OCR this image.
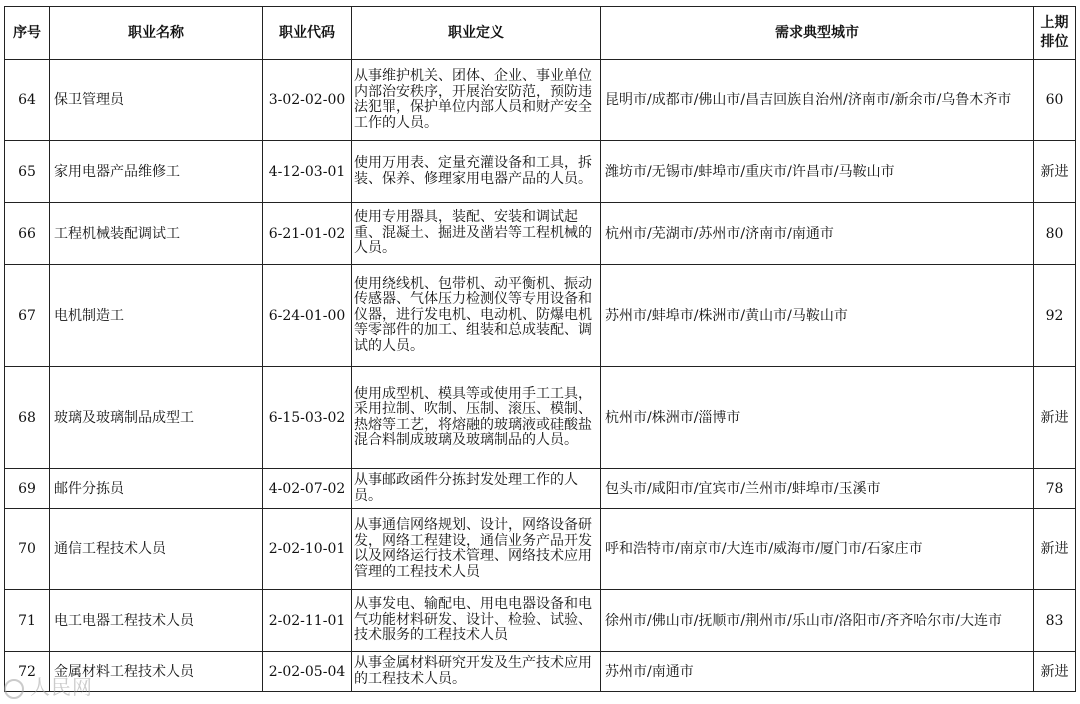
序号	职业名称	职业代码	职业定义	需求典型城市	上期排位
64	保卫管理员	3-02-02-00	从事维护机关、团体、企业、事业单位内部治安秩序，开展治安防范，预防违法犯罪，保护单位内部人员和财产安全工作的人员。	昆明市/成都市/佛山市/昌吉回族自治州/济南市/新余市/乌鲁木齐市	60
65	家用电器产品维修工	4-12-03-01	使用万用表、定量充灌设备和工具，拆装、保养、修理家用电器产品的人员。	潍坊市/无锡市/蚌埠市/重庆市/许昌市/马鞍山市	新进
66	工程机械装配调试工	6-21-01-02	使用专用器具，装配、安装和调试起重、混凝土、掘进及凿岩等工程机械的人员。	杭州市/芜湖市/苏州市/济南市/南通市	80
67	电机制造工	6-24-01-00	使用绕线机、包带机、动平衡机、振动传感器、气体压力检测仪等专用设备和仪器，进行发电机、电动机、防爆电机等零部件的加工、组装和总成装配、调试的人员。	苏州市/蚌埠市/株洲市/黄山市/马鞍山市	92
68	玻璃及玻璃制品成型工	6-15-03-02	使用成型机、模具等或使用手工工具，采用拉制、吹制、压制、滚压、模制、热熔等工艺，将熔融的玻璃液或硅酸盐混合料制成玻璃及玻璃制品的人员。	杭州市/株洲市/淄博市	新进
69	邮件分拣员	4-02-07-02	从事邮政函件分拣封发处理工作的人员。	包头市/咸阳市/宜宾市/兰州市/蚌埠市/玉溪市	78
70	通信工程技术人员	2-02-10-01	从事通信网络规划、设计，网络设备研发，网络工程建设，通信业务产品开发以及网络运行技术管理、网络技术应用管理的工程技术人员	呼和浩特市/南京市/大连市/威海市/厦门市/石家庄市	新进
71	电工电器工程技术人员	2-02-11-01	从事发电、输配电、用电电器设备和电气功能材料研发、设计、检验、试验、技术服务的工程技术人员	徐州市/佛山市/抚顺市/荆州市/乐山市/洛阳市/齐齐哈尔市/大连市	83
72	金属材料工程技术人员	2-02-05-04	从事金属材料研究开发及生产技术应用的工程技术人员。	苏州市/南通市	新进
人民网
